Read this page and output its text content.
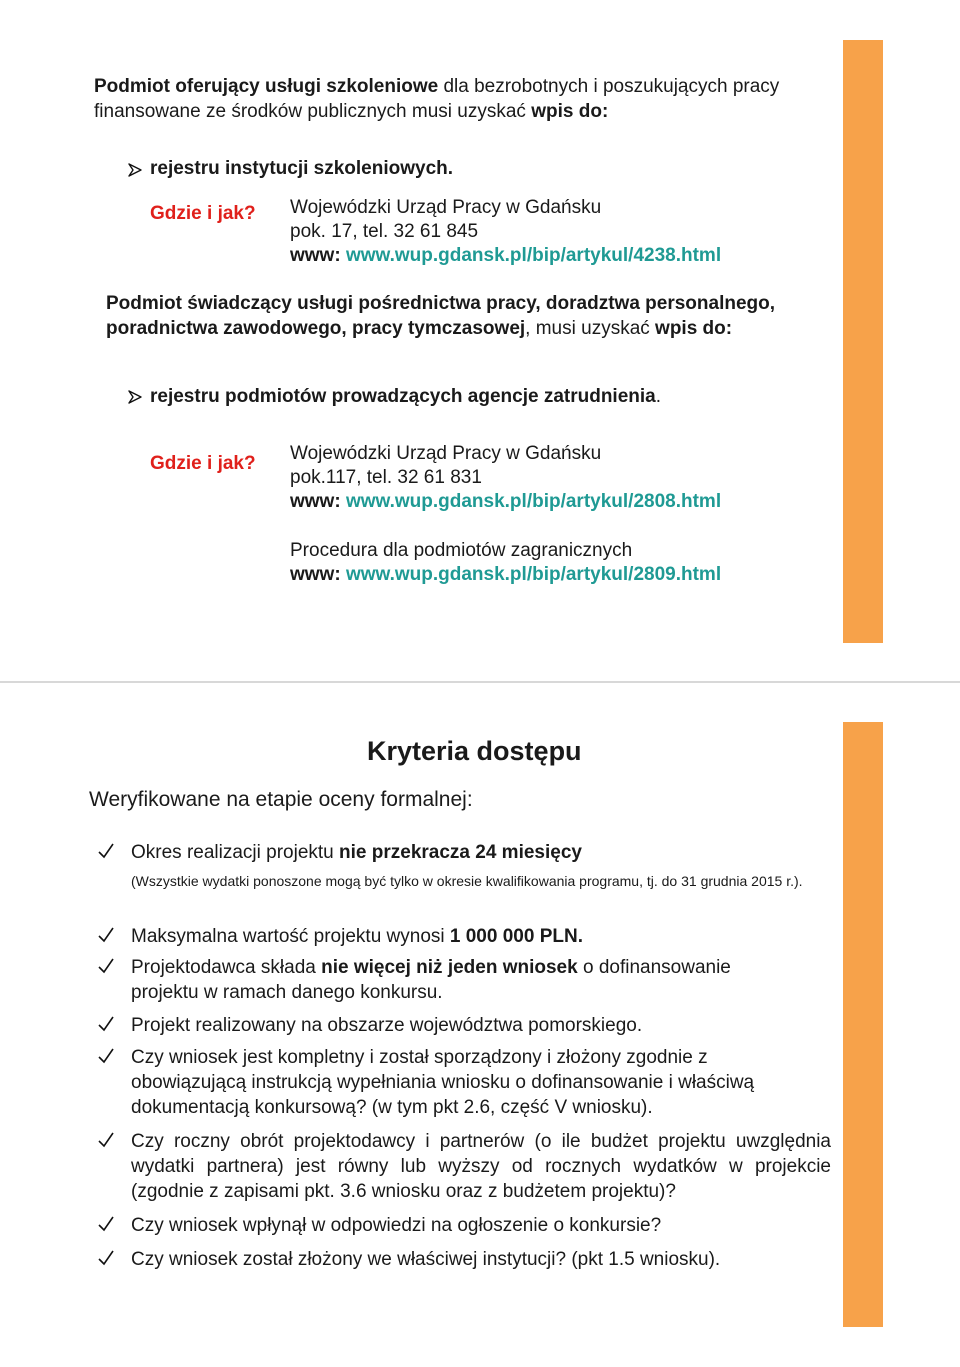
Podmiot oferujący usługi szkoleniowe dla bezrobotnych i poszukujących pracy finansowane ze środków publicznych musi uzyskać wpis do:
rejestru instytucji szkoleniowych.
Gdzie i jak? Wojewódzki Urząd Pracy w Gdańsku
pok. 17, tel. 32 61 845
www: www.wup.gdansk.pl/bip/artykul/4238.html
Podmiot świadczący usługi pośrednictwa pracy, doradztwa personalnego, poradnictwa zawodowego, pracy tymczasowej, musi uzyskać wpis do:
rejestru podmiotów prowadzących agencje zatrudnienia.
Gdzie i jak? Wojewódzki Urząd Pracy w Gdańsku
pok.117, tel. 32 61 831
www: www.wup.gdansk.pl/bip/artykul/2808.html
Procedura dla podmiotów zagranicznych
www: www.wup.gdansk.pl/bip/artykul/2809.html
Kryteria dostępu
Weryfikowane na etapie oceny formalnej:
Okres realizacji projektu nie przekracza 24 miesięcy
(Wszystkie wydatki ponoszone mogą być tylko w okresie kwalifikowania programu, tj. do 31 grudnia 2015 r.).
Maksymalna wartość projektu wynosi 1 000 000 PLN.
Projektodawca składa nie więcej niż jeden wniosek o dofinansowanie projektu w ramach danego konkursu.
Projekt realizowany na obszarze województwa pomorskiego.
Czy wniosek jest kompletny i został sporządzony i złożony zgodnie z obowiązującą instrukcją wypełniania wniosku o dofinansowanie i właściwą dokumentacją konkursową? (w tym pkt 2.6, część V wniosku).
Czy roczny obrót projektodawcy i partnerów (o ile budżet projektu uwzględnia wydatki partnera) jest równy lub wyższy od rocznych wydatków w projekcie (zgodnie z zapisami pkt. 3.6 wniosku oraz z budżetem projektu)?
Czy wniosek wpłynął w odpowiedzi na ogłoszenie o konkursie?
Czy wniosek został złożony we właściwej instytucji? (pkt 1.5 wniosku).
